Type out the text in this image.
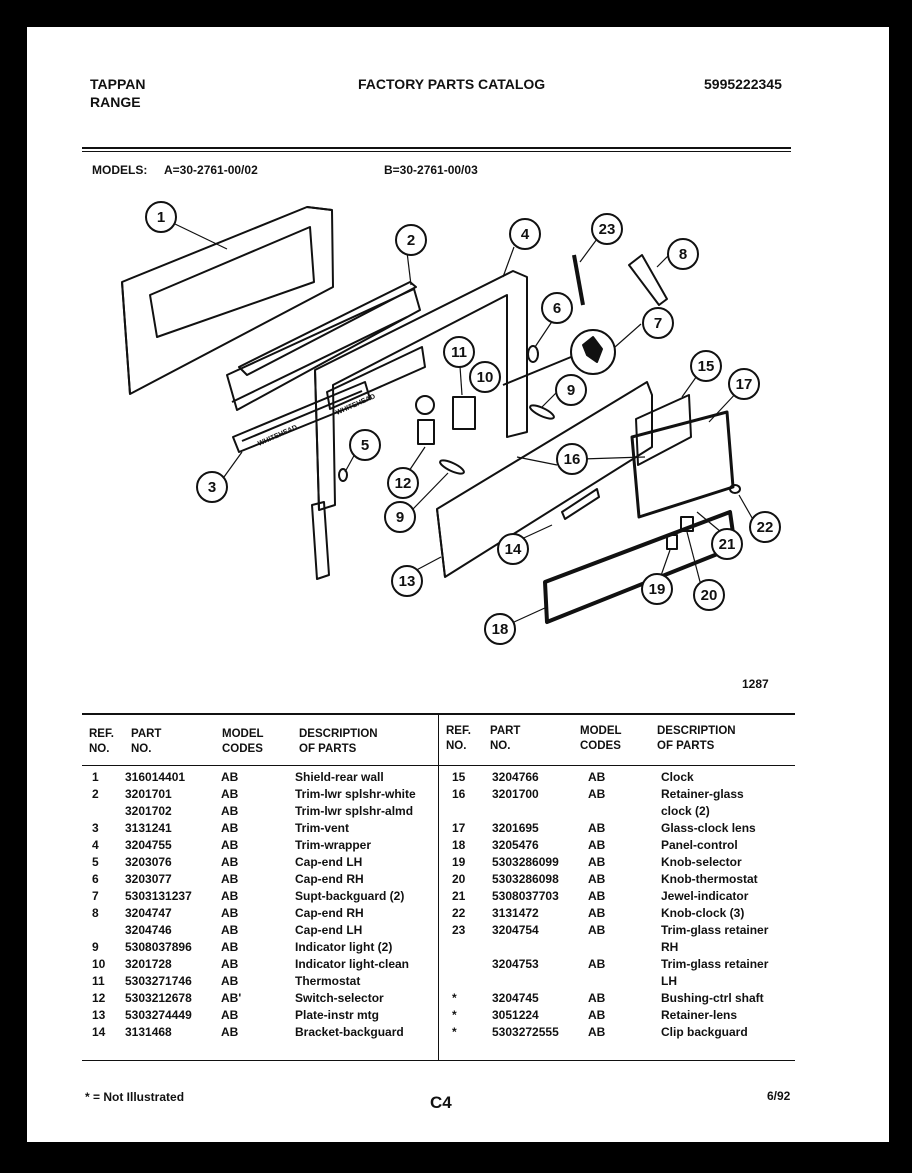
TAPPAN
RANGE
FACTORY PARTS CATALOG	5995222345
MODELS: A=30-2761-00/02	B=30-2761-00/03
WHITEHEAD
WHITEHEAD
1
2
3
4
5
6
7
8
9
9
10
11
12
13
14
15
16
17
18
19 20
21
22
23
1287
REF.
NO.
PART
NO.
MODEL
CODES
DESCRIPTION
OF PARTS
REF.
NO.
PART
NO.
MODEL
CODES
DESCRIPTION
OF PARTS
1 316014401	AB	Shield-rear wall
2 3201701	AB	Trim-lwr splshr-white
3201702	AB	Trim-lwr splshr-almd
3 3131241	AB	Trim-vent
4 3204755	AB	Trim-wrapper
5 3203076	AB	Cap-end LH
6 3203077	AB	Cap-end RH
7 5303131237 AB	Supt-backguard (2)
8 3204747	AB	Cap-end RH
3204746	AB	Cap-end LH
9 5308037896 AB	Indicator light (2)
10 3201728	AB	Indicator light-clean
11 5303271746 AB	Thermostat
12 5303212678 AB'	Switch-selector
13 5303274449 AB	Plate-instr mtg
14 3131468	AB	Bracket-backguard
15 3204766	AB	Clock
16 3201700	AB	Retainer-glass
clock (2)
17 3201695	AB	Glass-clock lens
18 3205476	AB	Panel-control
19 5303286099 AB	Knob-selector
20 5303286098 AB	Knob-thermostat
21 5308037703 AB	Jewel-indicator
22 3131472	AB	Knob-clock (3)
23 3204754	AB	Trim-glass retainer
RH
3204753	AB	Trim-glass retainer
LH
*	3204745	AB	Bushing-ctrl shaft
*	3051224	AB	Retainer-lens
*	5303272555 AB	Clip backguard
* = Not Illustrated	C4	6/92
